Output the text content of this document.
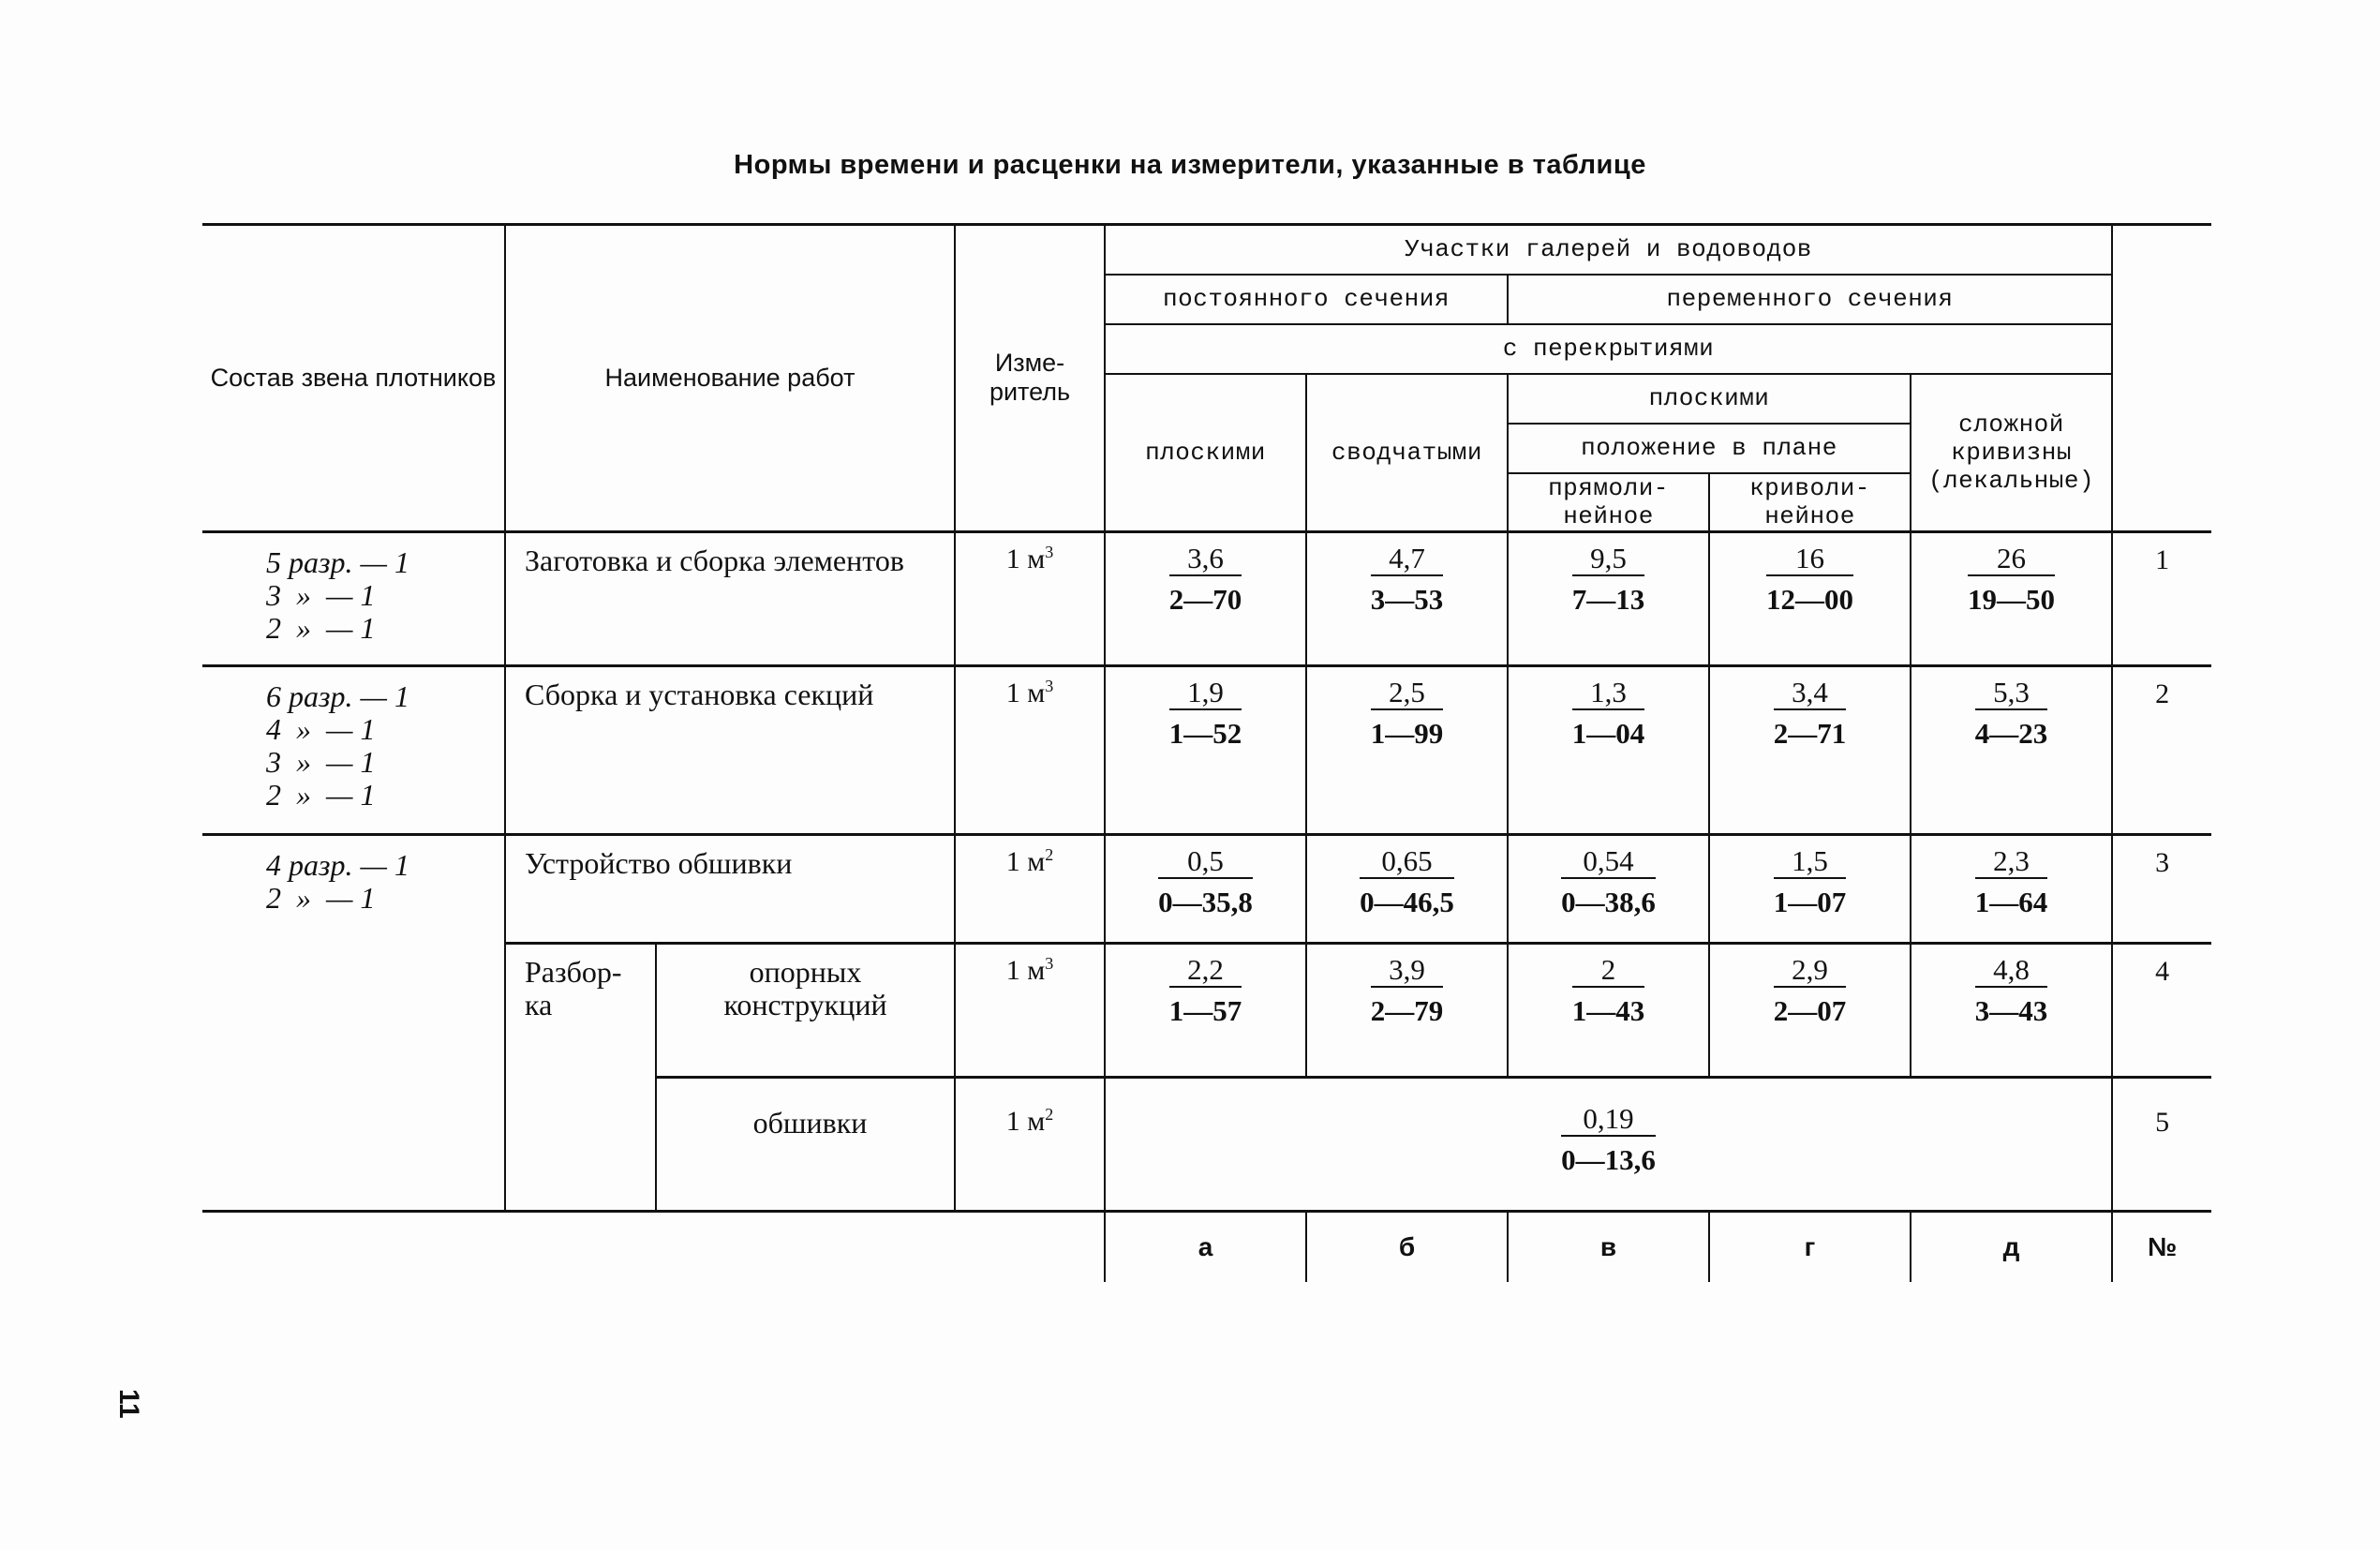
Нормы времени и расценки на измерители, указанные в таблице
Состав звена плотников	Наименование работ		Изме-ритель	Участки галерей и водоводов					
				постоянного сечения		переменного сечения			
				с перекрытиями					
				плоскими	сводчатыми	плоскими		сложной кривизны (лекальные)	
						положение в плане			
						прямоли-нейное	криволи-нейное		

5 разр. — 1
3  »  — 1
2  »  — 1	Заготовка и сборка элементов		1 $м^3$	$\frac{3,6}{2—70}$	$\frac{4,7}{3—53}$	$\frac{9,5}{7—13}$	$\frac{16}{12—00}$	$\frac{26}{19—50}$	1

6 разр. — 1
4  »  — 1
3  »  — 1
2  »  — 1	Сборка и установка секций		1 $м^3$	$\frac{1,9}{1—52}$	$\frac{2,5}{1—99}$	$\frac{1,3}{1—04}$	$\frac{3,4}{2—71}$	$\frac{5,3}{4—23}$	2

4 разр. — 1
2  »  — 1	Устройство обшивки		1 $м^2$	$\frac{0,5}{0—35,8}$	$\frac{0,65}{0—46,5}$	$\frac{0,54}{0—38,6}$	$\frac{1,5}{1—07}$	$\frac{2,3}{1—64}$	3
	Разбор-ка	опорных конструкций	1 $м^3$	$\frac{2,2}{1—57}$	$\frac{3,9}{2—79}$	$\frac{2}{1—43}$	$\frac{2,9}{2—07}$	$\frac{4,8}{3—43}$	4
		обшивки	1 $м^2$	$\frac{0,19}{0—13,6}$					5
				а	б	в	г	д	№
11
